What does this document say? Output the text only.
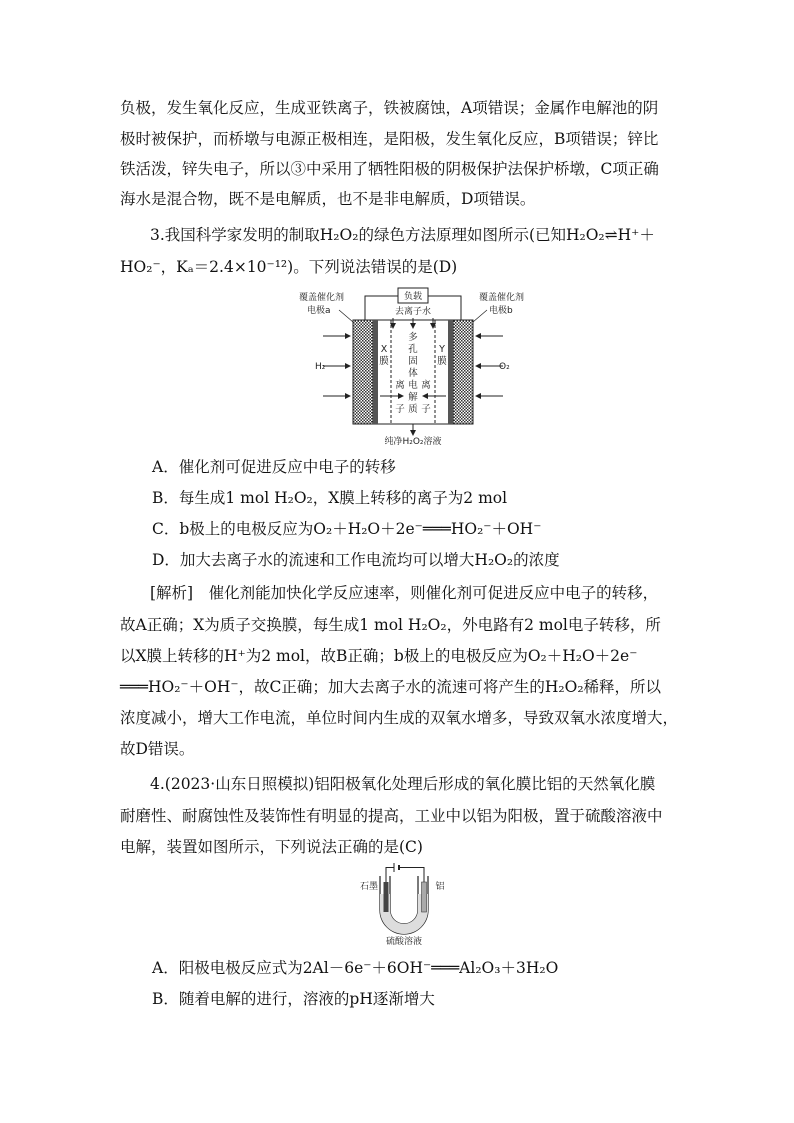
负极，发生氧化反应，生成亚铁离子，铁被腐蚀，A项错误；金属作电解池的阴
极时被保护，而桥墩与电源正极相连，是阳极，发生氧化反应，B项错误；锌比
铁活泼，锌失电子，所以③中采用了牺牲阳极的阴极保护法保护桥墩，C项正确
海水是混合物，既不是电解质，也不是非电解质，D项错误。
3.我国科学家发明的制取H₂O₂的绿色方法原理如图所示(已知H₂O₂⇌H⁺＋
HO₂⁻，Kₐ＝2.4×10⁻¹²)。下列说法错误的是(D)
负载
去离子水
覆盖催化剂
电极a
覆盖催化剂
电极b
H₂	O₂
X
膜
Y
膜
多
孔
固
体
电
解
质
离
子
离
子
纯净H₂O₂溶液
A．催化剂可促进反应中电子的转移
B．每生成1 mol H₂O₂，X膜上转移的离子为2 mol
C．b极上的电极反应为O₂＋H₂O＋2e⁻═══HO₂⁻＋OH⁻
D．加大去离子水的流速和工作电流均可以增大H₂O₂的浓度
[解析]　催化剂能加快化学反应速率，则催化剂可促进反应中电子的转移，
故A正确；X为质子交换膜，每生成1 mol H₂O₂，外电路有2 mol电子转移，所
以X膜上转移的H⁺为2 mol，故B正确；b极上的电极反应为O₂＋H₂O＋2e⁻
═══HO₂⁻＋OH⁻，故C正确；加大去离子水的流速可将产生的H₂O₂稀释，所以
浓度减小，增大工作电流，单位时间内生成的双氧水增多，导致双氧水浓度增大，
故D错误。
4.(2023·山东日照模拟)铝阳极氧化处理后形成的氧化膜比铝的天然氧化膜
耐磨性、耐腐蚀性及装饰性有明显的提高，工业中以铝为阳极，置于硫酸溶液中
电解，装置如图所示，下列说法正确的是(C)
石墨	铝
硫酸溶液
A．阳极电极反应式为2Al－6e⁻＋6OH⁻═══Al₂O₃＋3H₂O
B．随着电解的进行，溶液的pH逐渐增大
